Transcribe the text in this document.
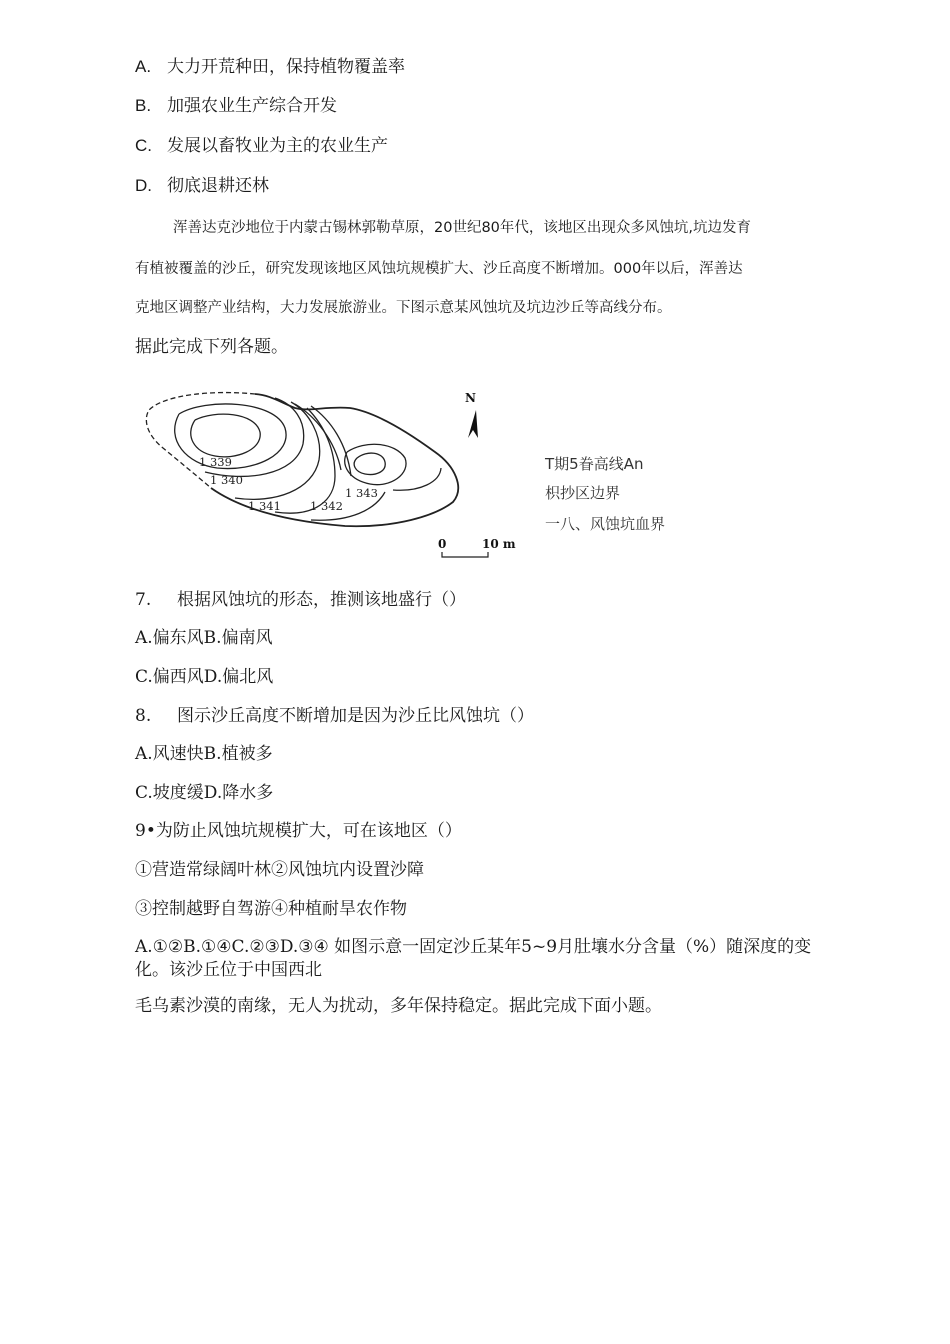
A. 大力开荒种田，保持植物覆盖率
B. 加强农业生产综合开发
C. 发展以畜牧业为主的农业生产
D. 彻底退耕还林
浑善达克沙地位于内蒙古锡林郭勒草原，20世纪80年代，该地区出现众多风蚀坑,坑边发育
有植被覆盖的沙丘，研究发现该地区风蚀坑规模扩大、沙丘高度不断增加。000年以后，浑善达
克地区调整产业结构，大力发展旅游业。下图示意某风蚀坑及坑边沙丘等高线分布。
据此完成下列各题。
1 339
1 340
1 341	1 342
1 343
N
0	10 m
T期5眷高线An
枳抄区边界
一八、风蚀坑血界
7. 根据风蚀坑的形态，推测该地盛行（）
A.偏东风B.偏南风
C.偏西风D.偏北风
8. 图示沙丘高度不断增加是因为沙丘比风蚀坑（）
A.风速快B.植被多
C.坡度缓D.降水多
9•为防止风蚀坑规模扩大，可在该地区（）
①营造常绿阔叶林②风蚀坑内设置沙障
③控制越野自驾游④种植耐旱农作物
A.①②B.①④C.②③D.③④ 如图示意一固定沙丘某年5~9月肚壤水分含量（%）随深度的变化。该沙丘位于中国西北
毛乌素沙漠的南缘，无人为扰动，多年保持稳定。据此完成下面小题。
